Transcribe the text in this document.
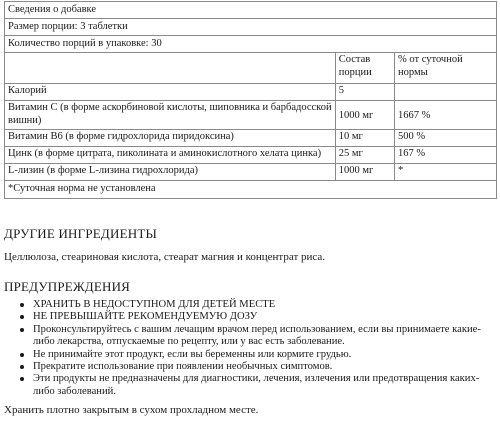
Сведения о добавке		
Размер порции: 3 таблетки		
Количество порций в упаковке: 30		
	Состав порции	% от суточной нормы
Калорий	5	
Витамин C (в форме аскорбиновой кислоты, шиповника и барбадосской вишни)	1000 мг	1667 %
Витамин B6 (в форме гидрохлорида пиридоксина)	10 мг	500 %
Цинк (в форме цитрата, пиколината и аминокислотного хелата цинка)	25 мг	167 %
L-лизин (в форме L-лизина гидрохлорида)	1000 мг	*
*Суточная норма не установлена		
ДРУГИЕ ИНГРЕДИЕНТЫ

Целлюлоза, стеариновая кислота, стеарат магния и концентрат риса.

ПРЕДУПРЕЖДЕНИЯ
ХРАНИТЬ В НЕДОСТУПНОМ ДЛЯ ДЕТЕЙ МЕСТЕ
НЕ ПРЕВЫШАЙТЕ РЕКОМЕНДУЕМУЮ ДОЗУ
Проконсультируйтесь с вашим лечащим врачом перед использованием, если вы принимаете какие-либо лекарства, отпускаемые по рецепту, или у вас есть заболевание.
Не принимайте этот продукт, если вы беременны или кормите грудью.
Прекратите использование при появлении необычных симптомов.
Эти продукты не предназначены для диагностики, лечения, излечения или предотвращения каких-либо заболеваний.

Хранить плотно закрытым в сухом прохладном месте.
